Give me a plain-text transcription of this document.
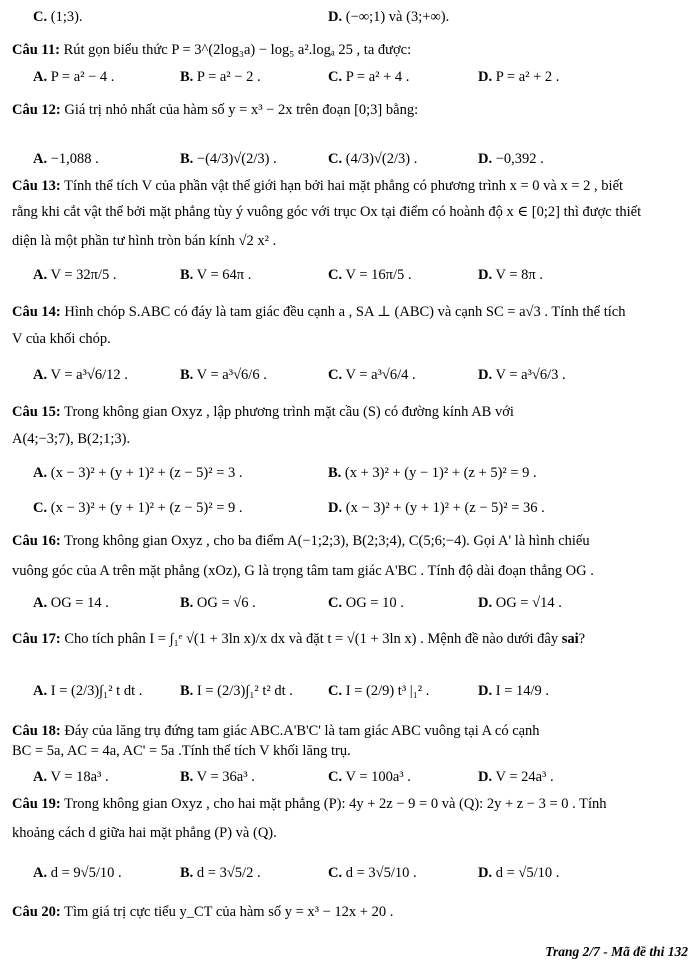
C. (1;3).	D. (−∞;1) và (3;+∞).
Câu 11: Rút gọn biểu thức P = 3^(2log₃a) − log₅ a².logₐ 25 , ta được:
A. P = a² − 4 .	B. P = a² − 2 .	C. P = a² + 4 .	D. P = a² + 2 .
Câu 12: Giá trị nhỏ nhất của hàm số y = x³ − 2x trên đoạn [0;3] bằng:
A. −1,088 .	B. −(4/3)√(2/3) .	C. (4/3)√(2/3) .	D. −0,392 .
Câu 13: Tính thể tích V của phần vật thể giới hạn bởi hai mặt phẳng có phương trình x = 0 và x = 2 , biết
rằng khi cắt vật thể bởi mặt phẳng tùy ý vuông góc với trục Ox tại điểm có hoành độ x ∈ [0;2] thì được thiết
diện là một phần tư hình tròn bán kính √2 x² .
A. V = 32π/5 .	B. V = 64π .	C. V = 16π/5 .	D. V = 8π .
Câu 14: Hình chóp S.ABC có đáy là tam giác đều cạnh a , SA ⊥ (ABC) và cạnh SC = a√3 . Tính thể tích
V của khối chóp.
A. V = a³√6/12 .	B. V = a³√6/6 .	C. V = a³√6/4 .	D. V = a³√6/3 .
Câu 15: Trong không gian Oxyz , lập phương trình mặt cầu (S) có đường kính AB với
A(4;−3;7), B(2;1;3).
A. (x − 3)² + (y + 1)² + (z − 5)² = 3 .	B. (x + 3)² + (y − 1)² + (z + 5)² = 9 .
C. (x − 3)² + (y + 1)² + (z − 5)² = 9 .	D. (x − 3)² + (y + 1)² + (z − 5)² = 36 .
Câu 16: Trong không gian Oxyz , cho ba điểm A(−1;2;3), B(2;3;4), C(5;6;−4). Gọi A' là hình chiếu
vuông góc của A trên mặt phẳng (xOz), G là trọng tâm tam giác A'BC . Tính độ dài đoạn thẳng OG .
A. OG = 14 .	B. OG = √6 .	C. OG = 10 .	D. OG = √14 .
Câu 17: Cho tích phân I = ∫₁ᵉ √(1 + 3ln x)/x dx và đặt t = √(1 + 3ln x) . Mệnh đề nào dưới đây sai?
A. I = (2/3)∫₁² t dt .	B. I = (2/3)∫₁² t² dt . C. I = (2/9) t³ |₁² .	D. I = 14/9 .
Câu 18: Đáy của lăng trụ đứng tam giác ABC.A'B'C' là tam giác ABC vuông tại A có cạnh
BC = 5a, AC = 4a, AC' = 5a .Tính thể tích V khối lăng trụ.
A. V = 18a³ .	B. V = 36a³ .	C. V = 100a³ .	D. V = 24a³ .
Câu 19: Trong không gian Oxyz , cho hai mặt phẳng (P): 4y + 2z − 9 = 0 và (Q): 2y + z − 3 = 0 . Tính
khoảng cách d giữa hai mặt phẳng (P) và (Q).
A. d = 9√5/10 .	B. d = 3√5/2 .	C. d = 3√5/10 .	D. d = √5/10 .
Câu 20: Tìm giá trị cực tiểu y_CT của hàm số y = x³ − 12x + 20 .
Trang 2/7 - Mã đề thi 132
